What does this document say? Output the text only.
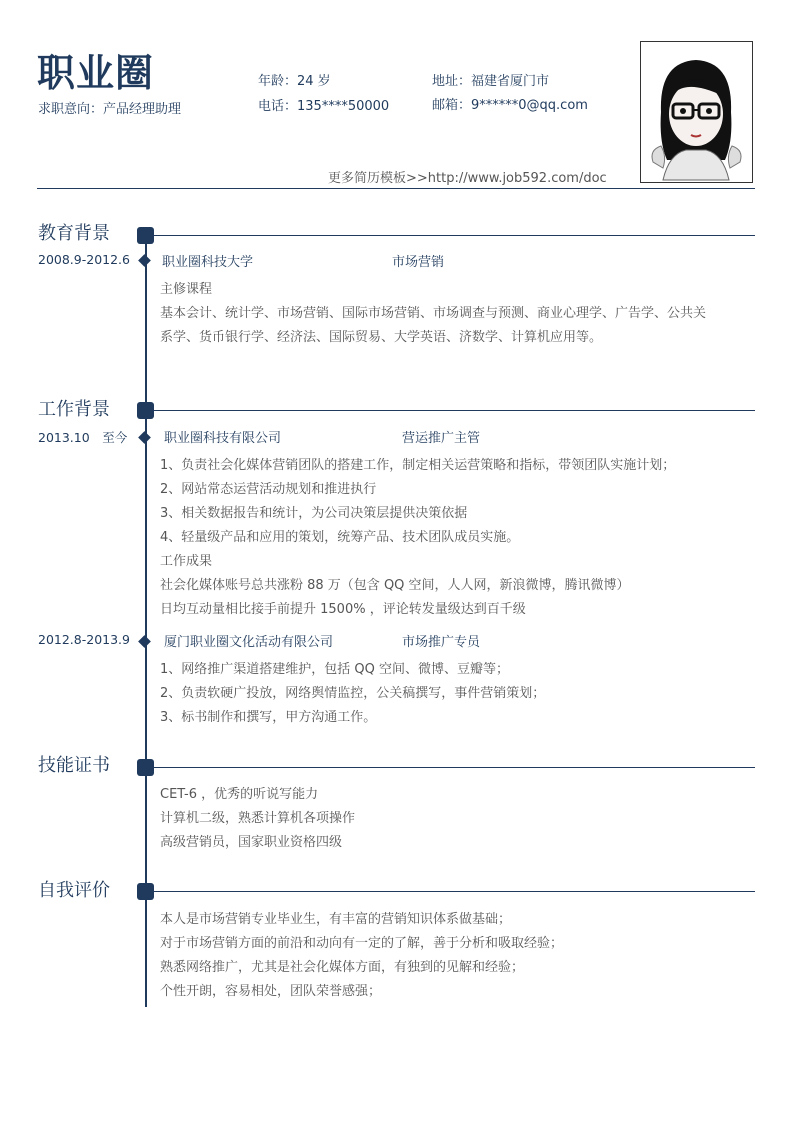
职业圈
求职意向：产品经理助理
年龄：24 岁
电话：135****50000
地址：福建省厦门市
邮箱：9******0@qq.com
更多简历模板>>http://www.job592.com/doc
教育背景
2008.9-2012.6 职业圈科技大学	市场营销
主修课程
基本会计、统计学、市场营销、国际市场营销、市场调查与预测、商业心理学、广告学、公共关
系学、货币银行学、经济法、国际贸易、大学英语、济数学、计算机应用等。
工作背景
2013.10　至今	职业圈科技有限公司	营运推广主管
1、负责社会化媒体营销团队的搭建工作，制定相关运营策略和指标，带领团队实施计划；
2、网站常态运营活动规划和推进执行
3、相关数据报告和统计，为公司决策层提供决策依据
4、轻量级产品和应用的策划，统筹产品、技术团队成员实施。
工作成果
社会化媒体账号总共涨粉 88 万（包含 QQ 空间，人人网，新浪微博，腾讯微博）
日均互动量相比接手前提升 1500% ，评论转发量级达到百千级
2012.8-2013.9	厦门职业圈文化活动有限公司	市场推广专员
1、网络推广渠道搭建维护，包括 QQ 空间、微博、豆瓣等；
2、负责软硬广投放，网络舆情监控，公关稿撰写，事件营销策划；
3、标书制作和撰写，甲方沟通工作。
技能证书
CET-6 ，优秀的听说写能力
计算机二级，熟悉计算机各项操作
高级营销员，国家职业资格四级
自我评价
本人是市场营销专业毕业生，有丰富的营销知识体系做基础；
对于市场营销方面的前沿和动向有一定的了解，善于分析和吸取经验；
熟悉网络推广，尤其是社会化媒体方面，有独到的见解和经验；
个性开朗，容易相处，团队荣誉感强；
